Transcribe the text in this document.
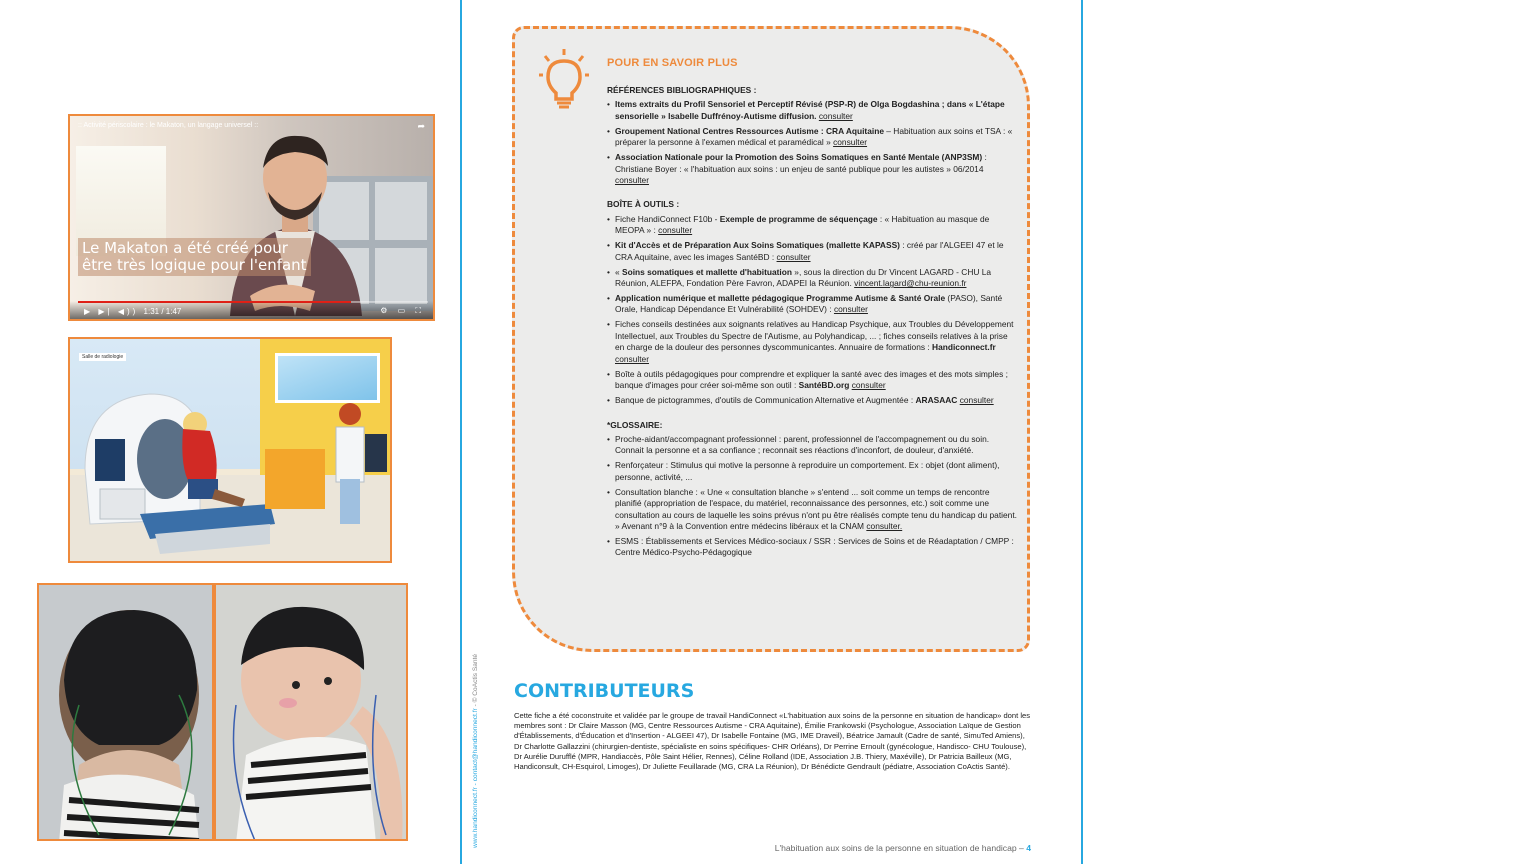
:: Activité périscolaire : le Makaton, un langage universel ::	➦
Le Makaton a été créé pour
être très logique pour l'enfant
▶ ▶| ◀)) 1:31 / 1:47	⚙ ▭ ⛶
Salle de radiologie
POUR EN SAVOIR PLUS
RÉFÉRENCES BIBLIOGRAPHIQUES :
• Items extraits du Profil Sensoriel et Perceptif Révisé (PSP-R) de Olga Bogdashina ; dans « L'étape sensorielle » Isabelle Duffrénoy-Autisme diffusion. consulter
• Groupement National Centres Ressources Autisme : CRA Aquitaine – Habituation aux soins et TSA : « préparer la personne à l'examen médical et paramédical » consulter
• Association Nationale pour la Promotion des Soins Somatiques en Santé Mentale (ANP3SM) : Christiane Boyer : « l'habituation aux soins : un enjeu de santé publique pour les autistes » 06/2014 consulter
BOÎTE À OUTILS :
• Fiche HandiConnect F10b - Exemple de programme de séquençage : « Habituation au masque de MEOPA » : consulter
• Kit d'Accès et de Préparation Aux Soins Somatiques (mallette KAPASS) : créé par l'ALGEEI 47 et le CRA Aquitaine, avec les images SantéBD : consulter
• « Soins somatiques et mallette d'habituation », sous la direction du Dr Vincent LAGARD - CHU La Réunion, ALEFPA, Fondation Père Favron, ADAPEI la Réunion. vincent.lagard@chu-reunion.fr
• Application numérique et mallette pédagogique Programme Autisme & Santé Orale (PASO), Santé Orale, Handicap Dépendance Et Vulnérabilité (SOHDEV) : consulter
• Fiches conseils destinées aux soignants relatives au Handicap Psychique, aux Troubles du Développement Intellectuel, aux Troubles du Spectre de l'Autisme, au Polyhandicap, ... ; fiches conseils relatives à la prise en charge de la douleur des personnes dyscommunicantes. Annuaire de formations : Handiconnect.fr consulter
• Boîte à outils pédagogiques pour comprendre et expliquer la santé avec des images et des mots simples ; banque d'images pour créer soi-même son outil : SantéBD.org consulter
• Banque de pictogrammes, d'outils de Communication Alternative et Augmentée : ARASAAC consulter
*GLOSSAIRE:
• Proche-aidant/accompagnant professionnel : parent, professionnel de l'accompagnement ou du soin. Connait la personne et a sa confiance ; reconnait ses réactions d'inconfort, de douleur, d'anxiété.
• Renforçateur : Stimulus qui motive la personne à reproduire un comportement. Ex : objet (dont aliment), personne, activité, ...
• Consultation blanche : « Une « consultation blanche » s'entend ... soit comme un temps de rencontre planifié (appropriation de l'espace, du matériel, reconnaissance des personnes, etc.) soit comme une consultation au cours de laquelle les soins prévus n'ont pu être réalisés compte tenu du handicap du patient. » Avenant n°9 à la Convention entre médecins libéraux et la CNAM consulter.
• ESMS : Établissements et Services Médico-sociaux / SSR : Services de Soins et de Réadaptation / CMPP : Centre Médico-Psycho-Pédagogique
CONTRIBUTEURS
Cette fiche a été coconstruite et validée par le groupe de travail HandiConnect «L'habituation aux soins de la personne en situation de handicap» dont les membres sont : Dr Claire Masson (MG, Centre Ressources Autisme - CRA Aquitaine), Émilie Frankowski (Psychologue, Association Laïque de Gestion d'Établissements, d'Éducation et d'Insertion - ALGEEI 47), Dr Isabelle Fontaine (MG, IME Draveil), Béatrice Jamault (Cadre de santé, SimuTed Amiens), Dr Charlotte Gallazzini (chirurgien-dentiste, spécialiste en soins spécifiques- CHR Orléans), Dr Perrine Ernoult (gynécologue, Handisco- CHU Toulouse), Dr Aurélie Durufflé (MPR, Handiaccès, Pôle Saint Hélier, Rennes), Céline Rolland (IDE, Association J.B. Thiery, Maxéville), Dr Patricia Bailleux (MG, Handiconsult, CH-Esquirol, Limoges), Dr Juliette Feuillarade (MG, CRA La Réunion), Dr Bénédicte Gendrault (pédiatre, Association CoActis Santé).
www.handiconnect.fr - contact@handiconnect.fr - © CoActis Santé
L'habituation aux soins de la personne en situation de handicap – 4
